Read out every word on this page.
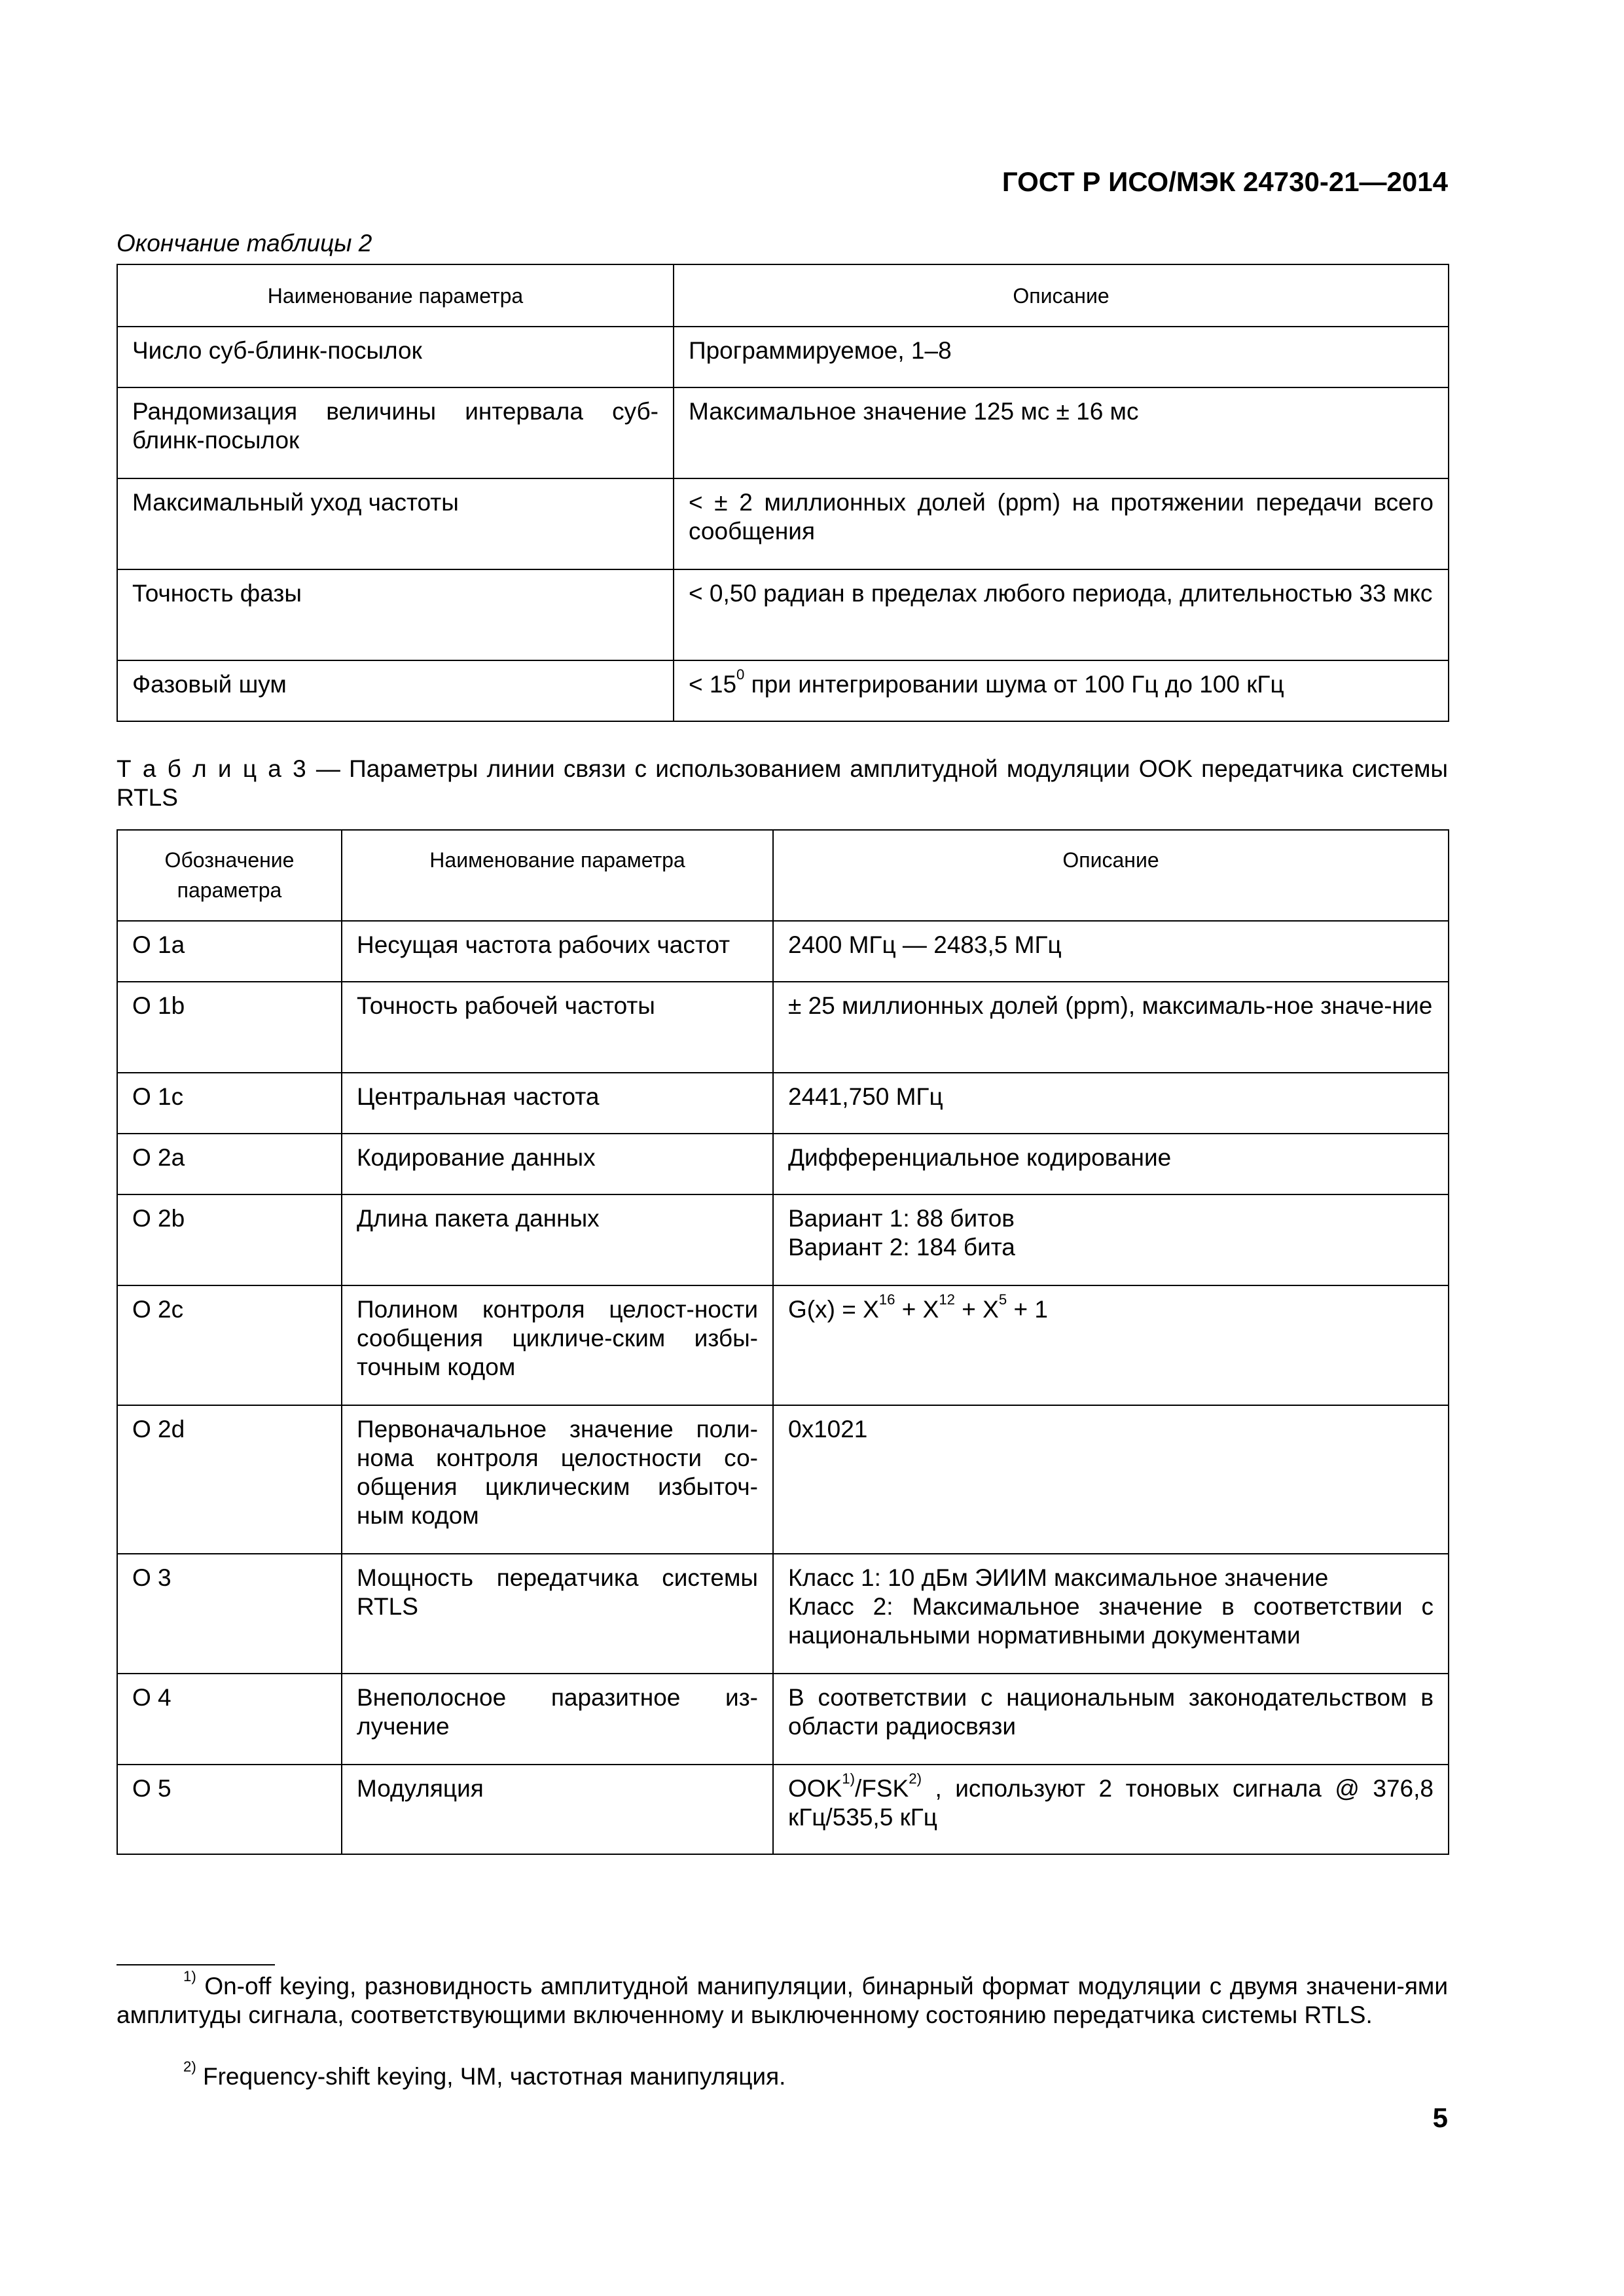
ГОСТ Р ИСО/МЭК 24730-21—2014
Окончание таблицы 2
Наименование параметра	Описание
Число суб-блинк-посылок	Программируемое, 1–8
Рандомизация величины интервала суб-блинк-посылок	Максимальное значение 125 мс ± 16 мс
Максимальный уход частоты	< ± 2 миллионных долей (ppm) на протяжении передачи всего сообщения
Точность фазы	< 0,50 радиан в пределах любого периода, длительностью 33 мкс
Фазовый шум	< $15^0$ при интегрировании шума от 100 Гц до 100 кГц
Т а б л и ц а 3 — Параметры линии связи с использованием амплитудной модуляции OOK передатчика системы RTLS
Обозначение параметра	Наименование параметра	Описание
O 1a	Несущая частота рабочих частот	2400 МГц — 2483,5 МГц
O 1b	Точность рабочей частоты	± 25 миллионных долей (ppm), максималь-ное значе-ние
O 1c	Центральная частота	2441,750 МГц
O 2a	Кодирование данных	Дифференциальное кодирование
O 2b	Длина пакета данных	Вариант 1: 88 битов
Вариант 2: 184 бита

O 2c	Полином контроля целост-ности сообщения цикличе-ским избы-точным кодом	$G(x) = X^{16} + X^{12} + X^5 + 1$
O 2d	Первоначальное значение поли-нома контроля целостности со-общения циклическим избыточ-ным кодом	0x1021
O 3	Мощность передатчика системы RTLS	Класс 1: 10 дБм ЭИИМ максимальное значение
Класс 2: Максимальное значение в соответствии с национальными нормативными документами

O 4	Внеполосное паразитное из-лучение	В соответствии с национальным законодательством в области радиосвязи
O 5	Модуляция	OOK$^{1)}$/FSK$^{2)}$ , используют 2 тоновых сигнала @ 376,8 кГц/535,5 кГц
$^{1)}$ On-off keying, разновидность амплитудной манипуляции, бинарный формат модуляции с двумя значени-ями амплитуды сигнала, соответствующими включенному и выключенному состоянию передатчика системы RTLS.
$^{2)}$ Frequency-shift keying, ЧМ, частотная манипуляция.
5
